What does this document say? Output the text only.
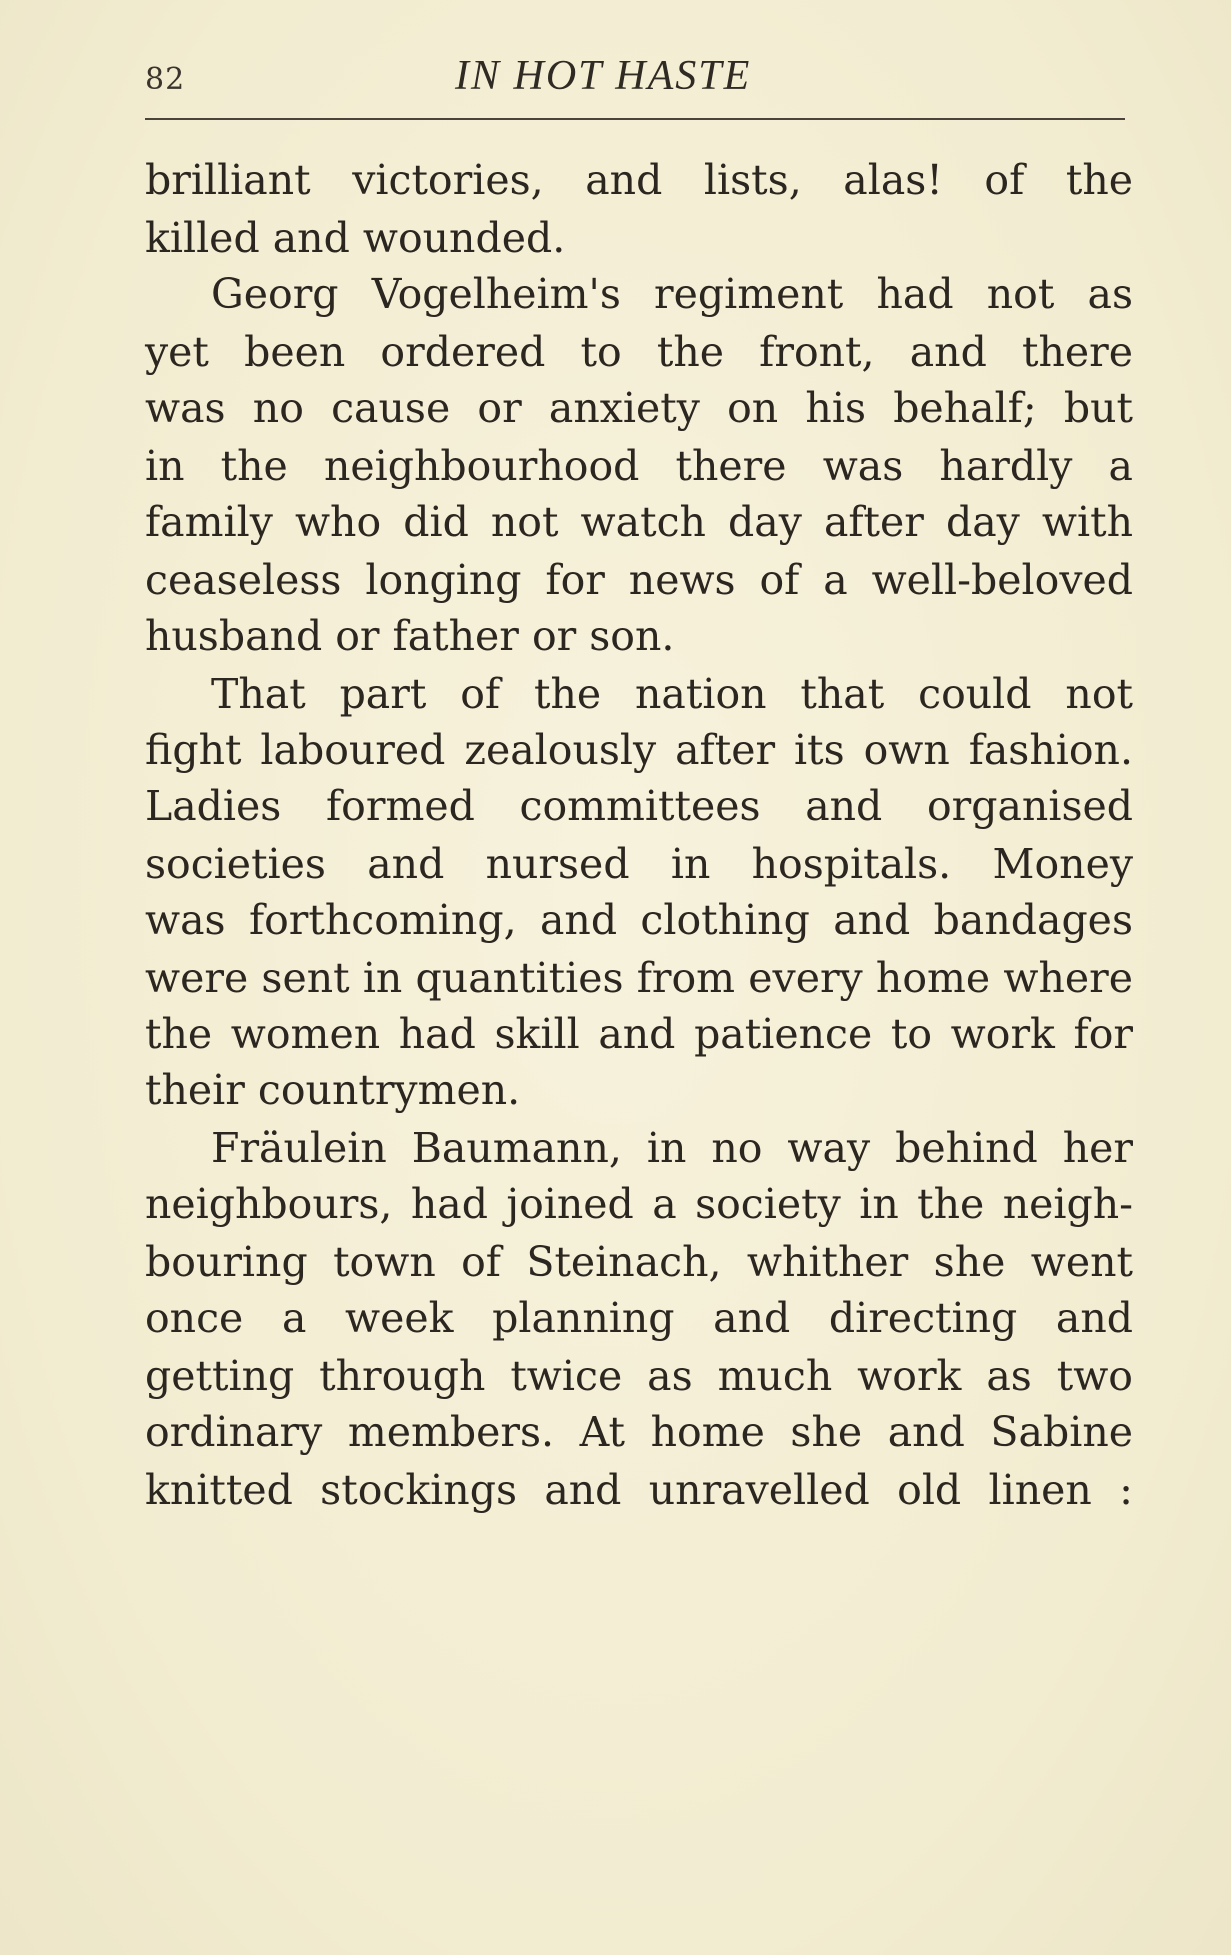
82	IN HOT HASTE
brilliant victories, and lists, alas! of the
killed and wounded.
Georg Vogelheim's regiment had not as
yet been ordered to the front, and there
was no cause or anxiety on his behalf; but
in the neighbourhood there was hardly a
family who did not watch day after day with
ceaseless longing for news of a well-beloved
husband or father or son.
That part of the nation that could not
fight laboured zealously after its own fashion.
Ladies formed committees and organised
societies and nursed in hospitals. Money
was forthcoming, and clothing and bandages
were sent in quantities from every home where
the women had skill and patience to work for
their countrymen.
Fräulein Baumann, in no way behind her
neighbours, had joined a society in the neigh-
bouring town of Steinach, whither she went
once a week planning and directing and
getting through twice as much work as two
ordinary members. At home she and Sabine
knitted stockings and unravelled old linen :
